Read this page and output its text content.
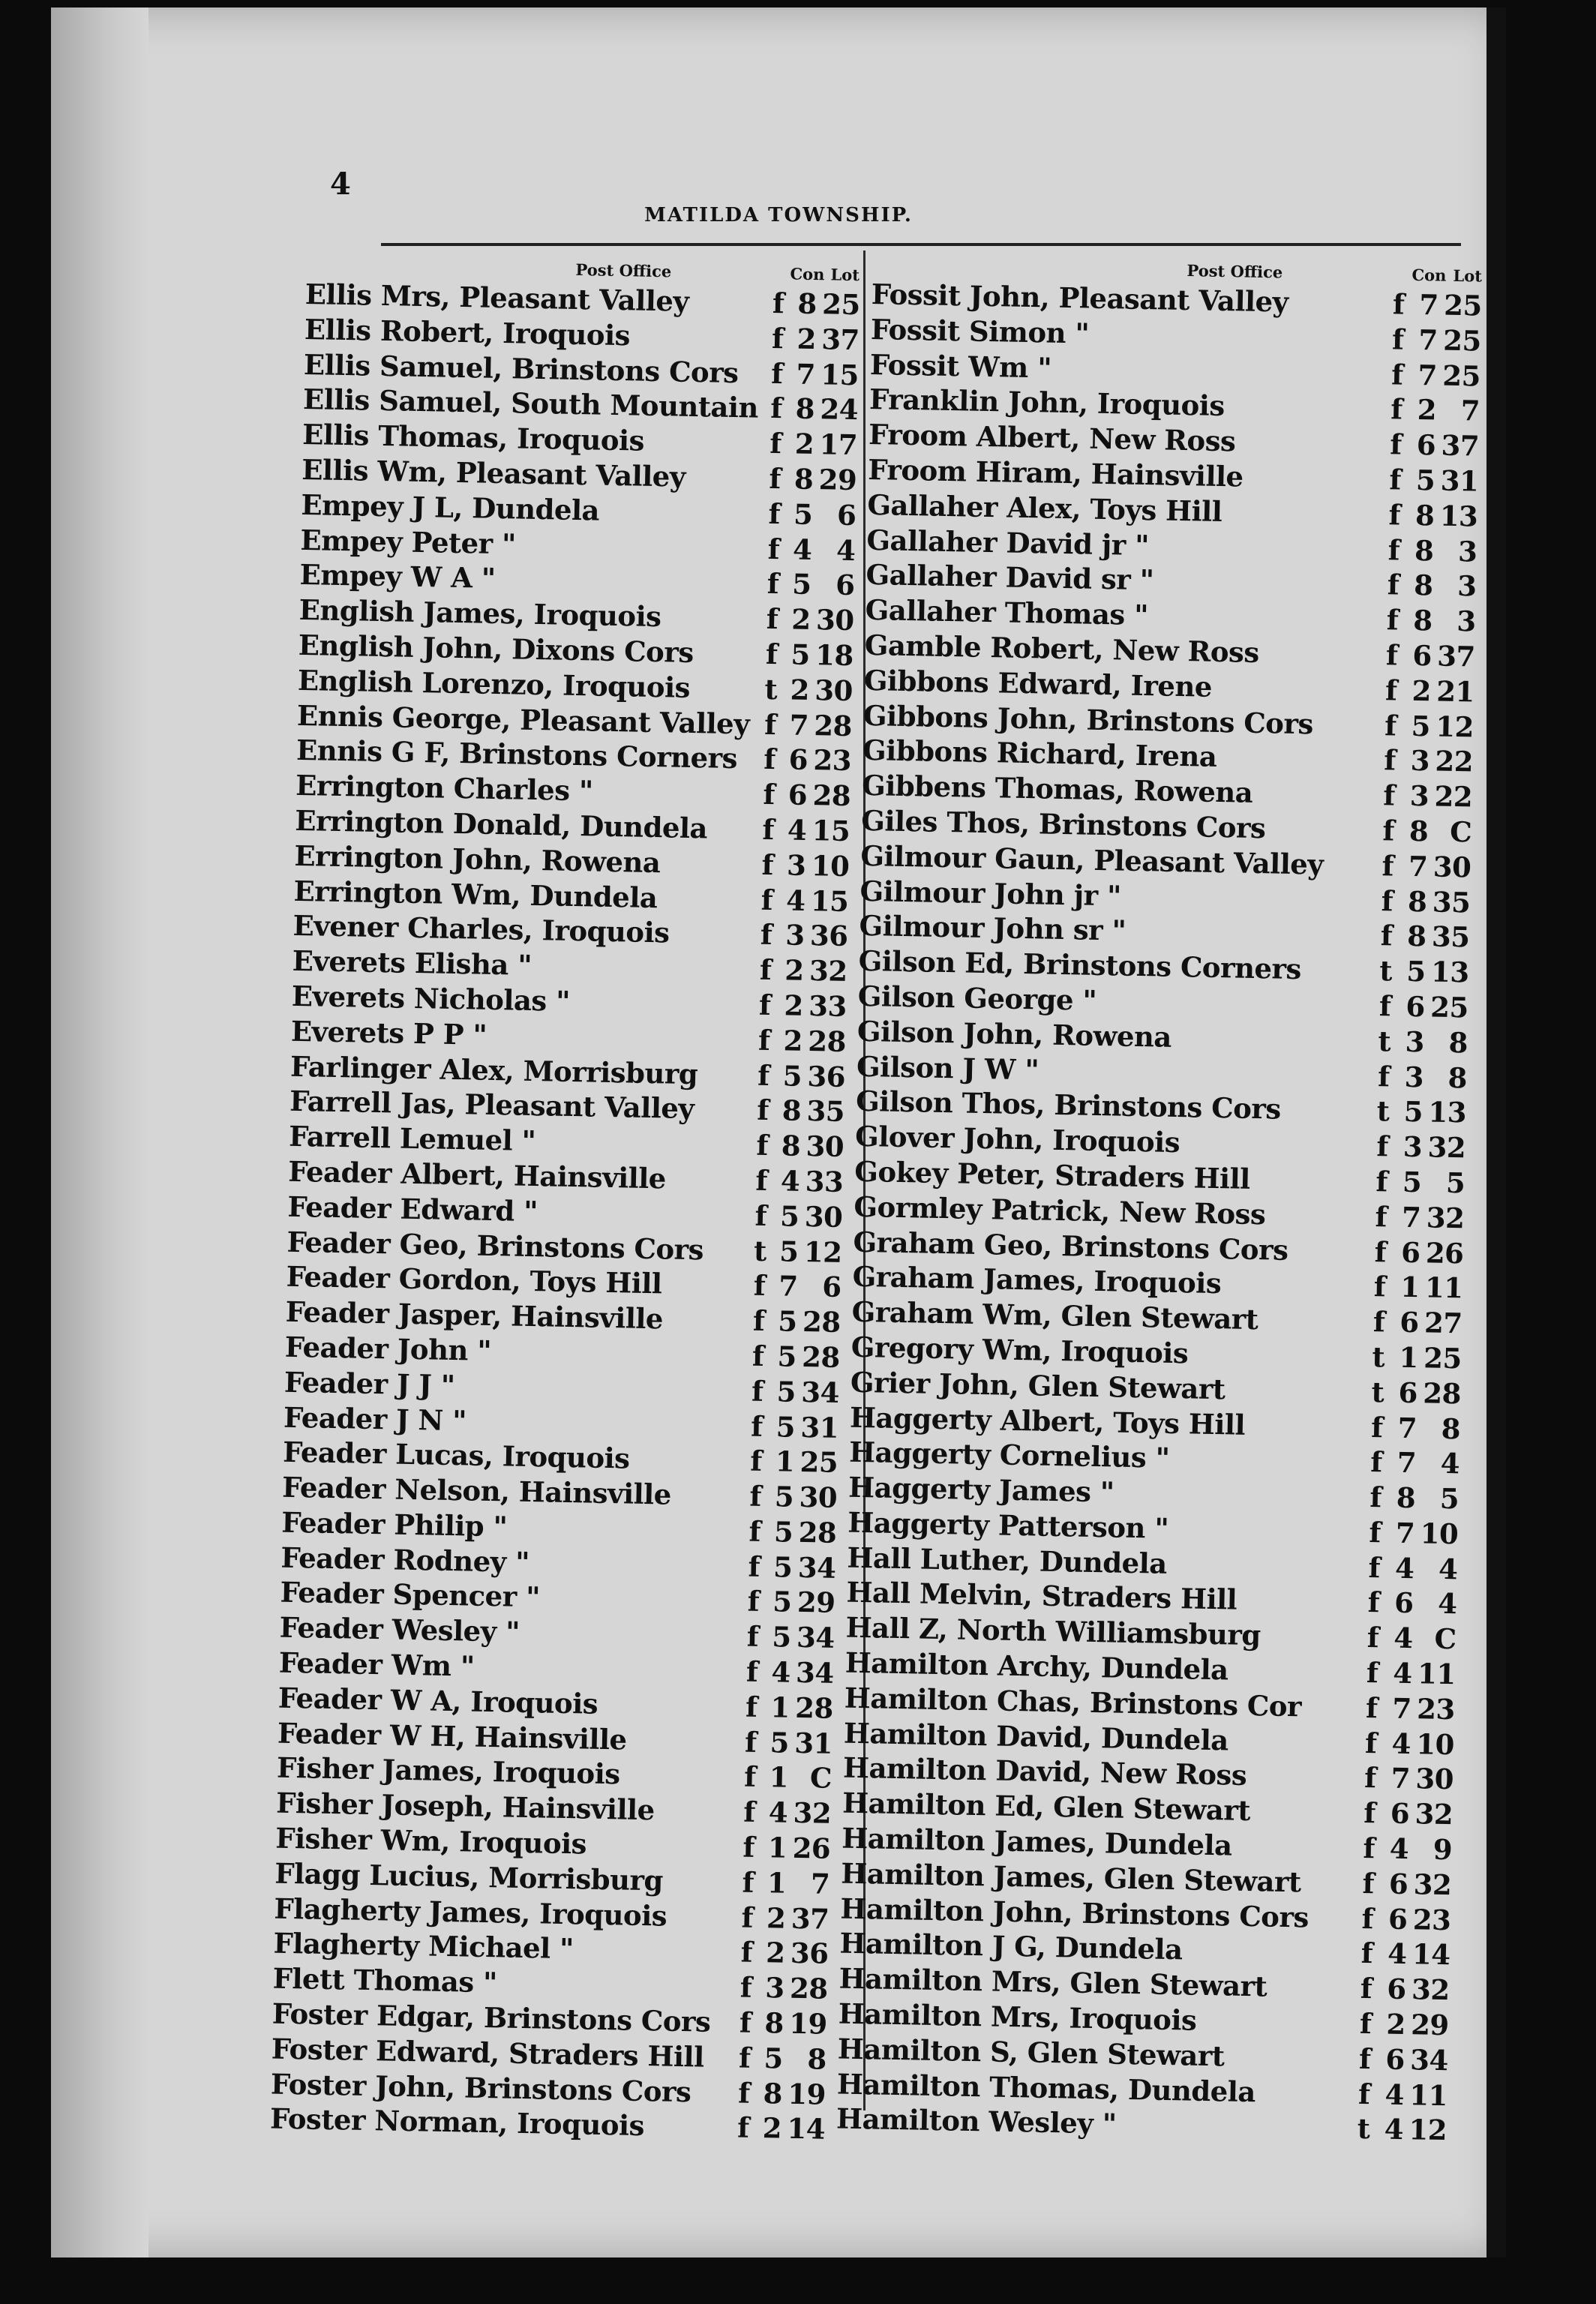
4
MATILDA TOWNSHIP.
Post Office	Con Lot
Ellis Mrs, Pleasant Valley	f 8 25
Ellis Robert, Iroquois	f 2 37
Ellis Samuel, Brinstons Cors f 7 15
Ellis Samuel, South Mountain f 8 24
Ellis Thomas, Iroquois	f 2 17
Ellis Wm, Pleasant Valley	f 8 29
Empey J L, Dundela	f 5 6
Empey Peter "	f 4 4
Empey W A "	f 5 6
English James, Iroquois	f 2 30
English John, Dixons Cors	f 5 18
English Lorenzo, Iroquois	t 2 30
Ennis George, Pleasant Valley f 7 28
Ennis G F, Brinstons Corners f 6 23
Errington Charles "	f 6 28
Errington Donald, Dundela f 4 15
Errington John, Rowena	f 3 10
Errington Wm, Dundela	f 4 15
Evener Charles, Iroquois	f 3 36
Everets Elisha "	f 2 32
Everets Nicholas "	f 2 33
Everets P P "	f 2 28
Farlinger Alex, Morrisburg f 5 36
Farrell Jas, Pleasant Valley f 8 35
Farrell Lemuel "	f 8 30
Feader Albert, Hainsville	f 4 33
Feader Edward "	f 5 30
Feader Geo, Brinstons Cors t 5 12
Feader Gordon, Toys Hill	f 7 6
Feader Jasper, Hainsville	f 5 28
Feader John "	f 5 28
Feader J J "	f 5 34
Feader J N "	f 5 31
Feader Lucas, Iroquois	f 1 25
Feader Nelson, Hainsville	f 5 30
Feader Philip "	f 5 28
Feader Rodney "	f 5 34
Feader Spencer "	f 5 29
Feader Wesley "	f 5 34
Feader Wm "	f 4 34
Feader W A, Iroquois	f 1 28
Feader W H, Hainsville	f 5 31
Fisher James, Iroquois	f 1 C
Fisher Joseph, Hainsville	f 4 32
Fisher Wm, Iroquois	f 1 26
Flagg Lucius, Morrisburg	f 1 7
Flagherty James, Iroquois	f 2 37
Flagherty Michael "	f 2 36
Flett Thomas "	f 3 28
Foster Edgar, Brinstons Cors f 8 19
Foster Edward, Straders Hill f 5 8
Foster John, Brinstons Cors f 8 19
Foster Norman, Iroquois	f 2 14
Post Office	Con Lot
Fossit John, Pleasant Valley	f 7 25
Fossit Simon "	f 7 25
Fossit Wm "	f 7 25
Franklin John, Iroquois	f 2 7
Froom Albert, New Ross	f 6 37
Froom Hiram, Hainsville	f 5 31
Gallaher Alex, Toys Hill	f 8 13
Gallaher David jr "	f 8 3
Gallaher David sr "	f 8 3
Gallaher Thomas "	f 8 3
Gamble Robert, New Ross	f 6 37
Gibbons Edward, Irene	f 2 21
Gibbons John, Brinstons Cors	f 5 12
Gibbons Richard, Irena	f 3 22
Gibbens Thomas, Rowena	f 3 22
Giles Thos, Brinstons Cors	f 8 C
Gilmour Gaun, Pleasant Valley f 7 30
Gilmour John jr "	f 8 35
Gilmour John sr "	f 8 35
Gilson Ed, Brinstons Corners	t 5 13
Gilson George "	f 6 25
Gilson John, Rowena	t 3 8
Gilson J W "	f 3 8
Gilson Thos, Brinstons Cors	t 5 13
Glover John, Iroquois	f 3 32
Gokey Peter, Straders Hill	f 5 5
Gormley Patrick, New Ross	f 7 32
Graham Geo, Brinstons Cors	f 6 26
Graham James, Iroquois	f 1 11
Graham Wm, Glen Stewart	f 6 27
Gregory Wm, Iroquois	t 1 25
Grier John, Glen Stewart	t 6 28
Haggerty Albert, Toys Hill	f 7 8
Haggerty Cornelius "	f 7 4
Haggerty James "	f 8 5
Haggerty Patterson "	f 7 10
Hall Luther, Dundela	f 4 4
Hall Melvin, Straders Hill	f 6 4
Hall Z, North Williamsburg	f 4 C
Hamilton Archy, Dundela	f 4 11
Hamilton Chas, Brinstons Cor f 7 23
Hamilton David, Dundela	f 4 10
Hamilton David, New Ross	f 7 30
Hamilton Ed, Glen Stewart	f 6 32
Hamilton James, Dundela	f 4 9
Hamilton James, Glen Stewart f 6 32
Hamilton John, Brinstons Cors f 6 23
Hamilton J G, Dundela	f 4 14
Hamilton Mrs, Glen Stewart	f 6 32
Hamilton Mrs, Iroquois	f 2 29
Hamilton S, Glen Stewart	f 6 34
Hamilton Thomas, Dundela	f 4 11
Hamilton Wesley "	t 4 12
